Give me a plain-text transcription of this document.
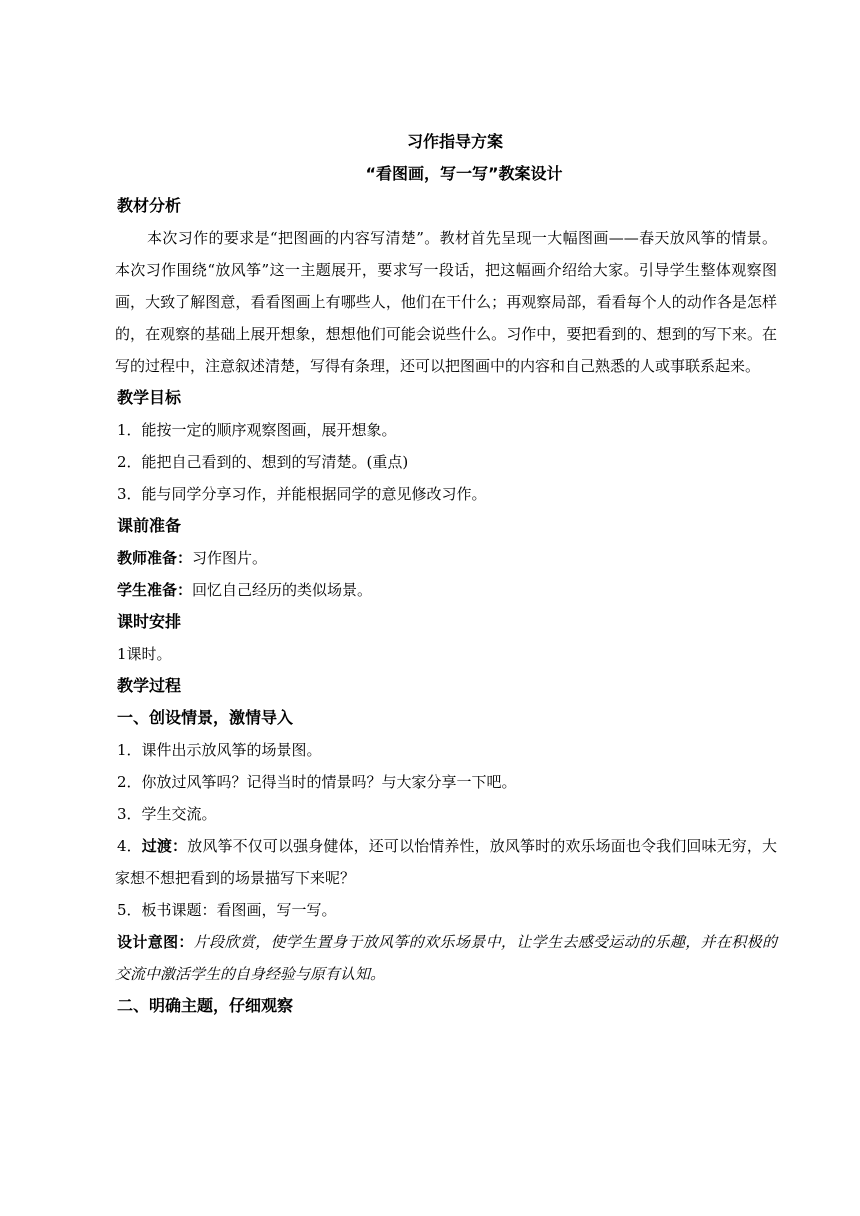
习作指导方案
“看图画，写一写”教案设计
教材分析

本次习作的要求是“把图画的内容写清楚”。教材首先呈现一大幅图画——春天放风筝的情景。本次习作围绕“放风筝”这一主题展开，要求写一段话，把这幅画介绍给大家。引导学生整体观察图画，大致了解图意，看看图画上有哪些人，他们在干什么；再观察局部，看看每个人的动作各是怎样的，在观察的基础上展开想象，想想他们可能会说些什么。习作中，要把看到的、想到的写下来。在写的过程中，注意叙述清楚，写得有条理，还可以把图画中的内容和自己熟悉的人或事联系起来。

教学目标

1．能按一定的顺序观察图画，展开想象。

2．能把自己看到的、想到的写清楚。(重点)

3．能与同学分享习作，并能根据同学的意见修改习作。

课前准备

教师准备：习作图片。

学生准备：回忆自己经历的类似场景。

课时安排

1课时。

教学过程
一、创设情景，激情导入

1．课件出示放风筝的场景图。

2．你放过风筝吗？记得当时的情景吗？与大家分享一下吧。

3．学生交流。

4．过渡：放风筝不仅可以强身健体，还可以怡情养性，放风筝时的欢乐场面也令我们回味无穷，大家想不想把看到的场景描写下来呢？

5．板书课题：看图画，写一写。

设计意图：片段欣赏，使学生置身于放风筝的欢乐场景中，让学生去感受运动的乐趣，并在积极的交流中激活学生的自身经验与原有认知。

二、明确主题，仔细观察
